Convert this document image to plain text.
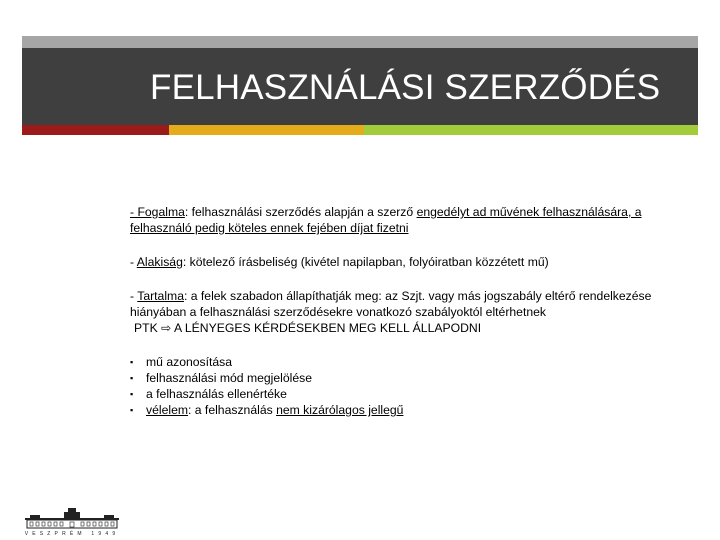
FELHASZNÁLÁSI SZERZŐDÉS

- Fogalma: felhasználási szerződés alapján a szerző engedélyt ad művének felhasználására, a felhasználó pedig köteles ennek fejében díjat fizetni

- Alakiság: kötelező írásbeliség (kivétel napilapban, folyóiratban közzétett mű)

- Tartalma: a felek szabadon állapíthatják meg: az Szjt. vagy más jogszabály eltérő rendelkezése hiányában a felhasználási szerződésekre vonatkozó szabályoktól eltérhetnek
PTK ⇨ A LÉNYEGES KÉRDÉSEKBEN MEG KELL ÁLLAPODNI

▪ mű azonosítása
▪ felhasználási mód megjelölése
▪ a felhasználás ellenértéke
▪ vélelem: a felhasználás nem kizárólagos jellegű
VESZPRÉM 1949
